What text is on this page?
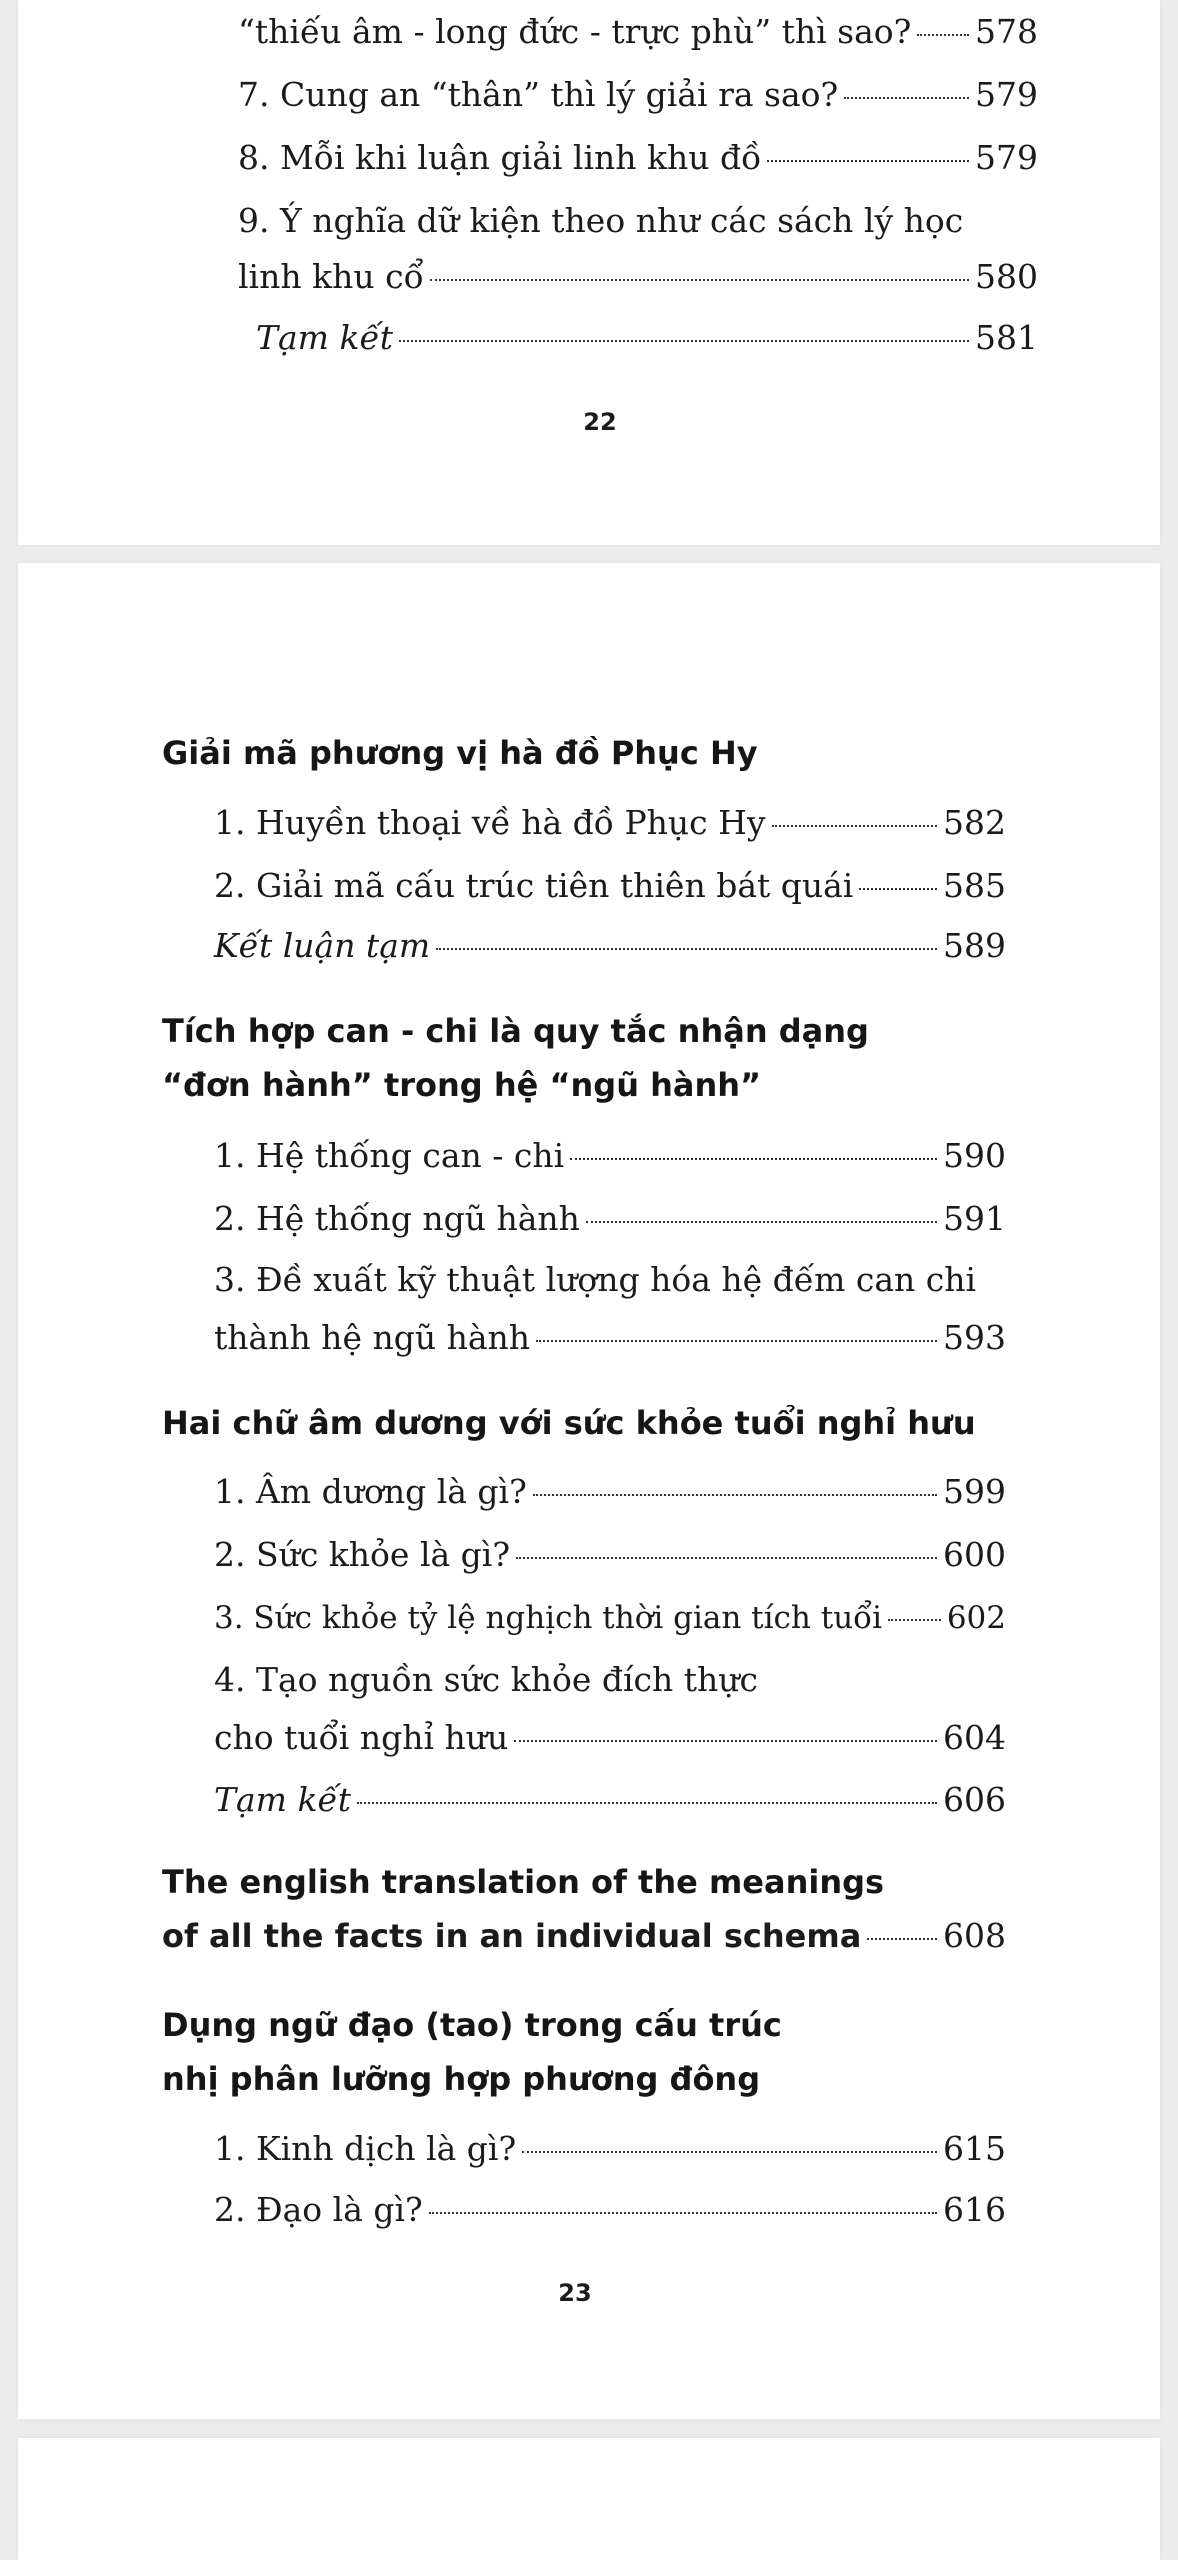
“thiếu âm - long đức - trực phù” thì sao? 578
7. Cung an “thân” thì lý giải ra sao?	579
8. Mỗi khi luận giải linh khu đồ	579
9. Ý nghĩa dữ kiện theo như các sách lý học
linh khu cổ	580
Tạm kết	581
22
Giải mã phương vị hà đồ Phục Hy
1. Huyền thoại về hà đồ Phục Hy	582
2. Giải mã cấu trúc tiên thiên bát quái	585
Kết luận tạm	589
Tích hợp can - chi là quy tắc nhận dạng
“đơn hành” trong hệ “ngũ hành”
1. Hệ thống can - chi	590
2. Hệ thống ngũ hành	591
3. Đề xuất kỹ thuật lượng hóa hệ đếm can chi
thành hệ ngũ hành	593
Hai chữ âm dương với sức khỏe tuổi nghỉ hưu
1. Âm dương là gì?	599
2. Sức khỏe là gì?	600
3. Sức khỏe tỷ lệ nghịch thời gian tích tuổi 602
4. Tạo nguồn sức khỏe đích thực
cho tuổi nghỉ hưu	604
Tạm kết	606
The english translation of the meanings
of all the facts in an individual schema 608
Dụng ngữ đạo (tao) trong cấu trúc
nhị phân lưỡng hợp phương đông
1. Kinh dịch là gì?	615
2. Đạo là gì?	616
23
